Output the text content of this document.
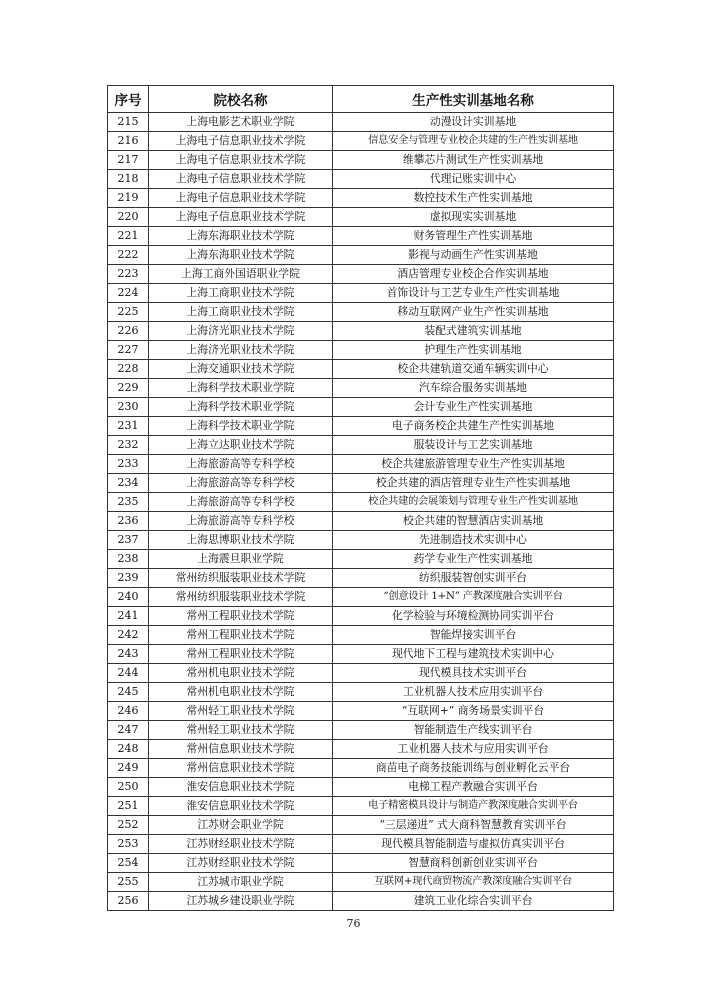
序号	院校名称	生产性实训基地名称
215	上海电影艺术职业学院	动漫设计实训基地
216	上海电子信息职业技术学院	信息安全与管理专业校企共建的生产性实训基地
217	上海电子信息职业技术学院	维攀芯片测试生产性实训基地
218	上海电子信息职业技术学院	代理记账实训中心
219	上海电子信息职业技术学院	数控技术生产性实训基地
220	上海电子信息职业技术学院	虚拟现实实训基地
221	上海东海职业技术学院	财务管理生产性实训基地
222	上海东海职业技术学院	影视与动画生产性实训基地
223	上海工商外国语职业学院	酒店管理专业校企合作实训基地
224	上海工商职业技术学院	首饰设计与工艺专业生产性实训基地
225	上海工商职业技术学院	移动互联网产业生产性实训基地
226	上海济光职业技术学院	装配式建筑实训基地
227	上海济光职业技术学院	护理生产性实训基地
228	上海交通职业技术学院	校企共建轨道交通车辆实训中心
229	上海科学技术职业学院	汽车综合服务实训基地
230	上海科学技术职业学院	会计专业生产性实训基地
231	上海科学技术职业学院	电子商务校企共建生产性实训基地
232	上海立达职业技术学院	服装设计与工艺实训基地
233	上海旅游高等专科学校	校企共建旅游管理专业生产性实训基地
234	上海旅游高等专科学校	校企共建的酒店管理专业生产性实训基地
235	上海旅游高等专科学校	校企共建的会展策划与管理专业生产性实训基地
236	上海旅游高等专科学校	校企共建的智慧酒店实训基地
237	上海思博职业技术学院	先进制造技术实训中心
238	上海震旦职业学院	药学专业生产性实训基地
239	常州纺织服装职业技术学院	纺织服装智创实训平台
240	常州纺织服装职业技术学院	“创意设计 1+N” 产教深度融合实训平台
241	常州工程职业技术学院	化学检验与环境检测协同实训平台
242	常州工程职业技术学院	智能焊接实训平台
243	常州工程职业技术学院	现代地下工程与建筑技术实训中心
244	常州机电职业技术学院	现代模具技术实训平台
245	常州机电职业技术学院	工业机器人技术应用实训平台
246	常州轻工职业技术学院	“互联网+” 商务场景实训平台
247	常州轻工职业技术学院	智能制造生产线实训平台
248	常州信息职业技术学院	工业机器人技术与应用实训平台
249	常州信息职业技术学院	商苗电子商务技能训练与创业孵化云平台
250	淮安信息职业技术学院	电梯工程产教融合实训平台
251	淮安信息职业技术学院	电子精密模具设计与制造产教深度融合实训平台
252	江苏财会职业学院	“三层递进” 式大商科智慧教育实训平台
253	江苏财经职业技术学院	现代模具智能制造与虚拟仿真实训平台
254	江苏财经职业技术学院	智慧商科创新创业实训平台
255	江苏城市职业学院	互联网+现代商贸物流产教深度融合实训平台
256	江苏城乡建设职业学院	建筑工业化综合实训平台
76
